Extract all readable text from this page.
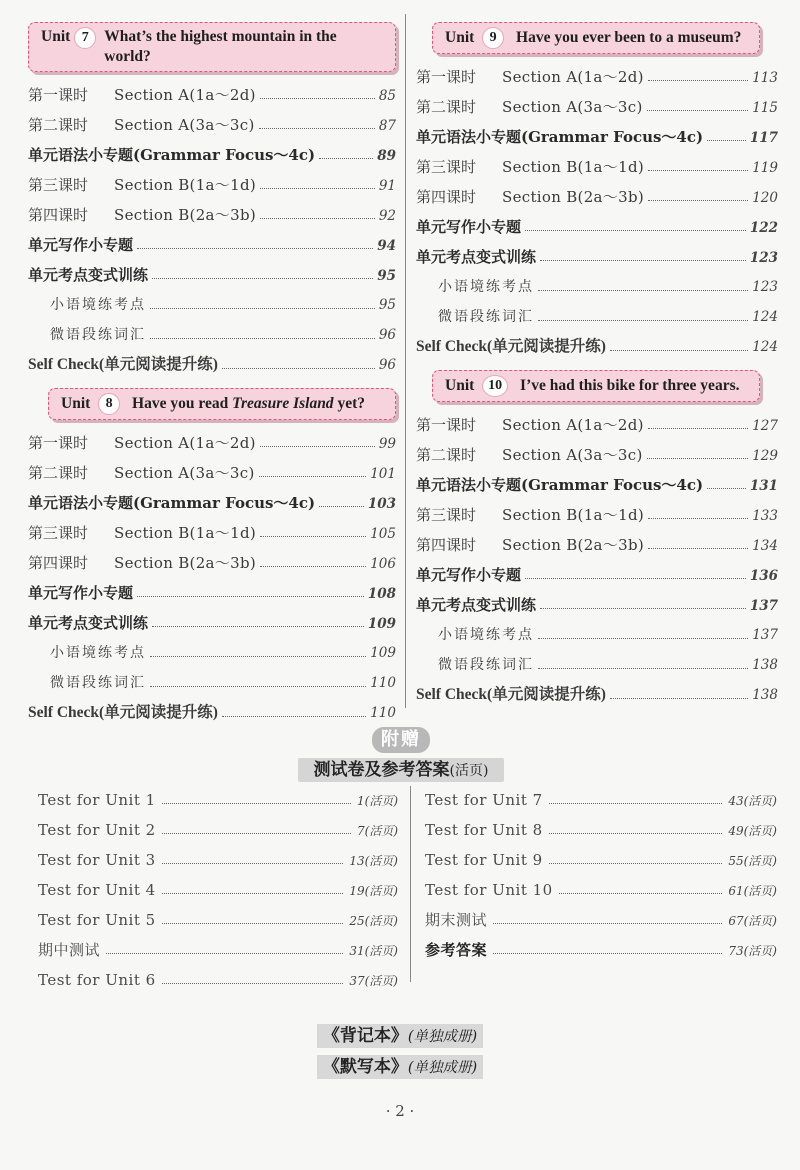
Unit 7	What’s the highest mountain in the
world?
第一课时 Section A(1a～2d)	85
第二课时 Section A(3a～3c)	87
单元语法小专题(Grammar Focus～4c)	89
第三课时 Section B(1a～1d)	91
第四课时 Section B(2a～3b)	92
单元写作小专题	94
单元考点变式训练	95
小语境练考点	95
微语段练词汇	96
Self Check(单元阅读提升练)	96
Unit 8 Have you read Treasure Island yet?
第一课时 Section A(1a～2d)	99
第二课时 Section A(3a～3c)	101
单元语法小专题(Grammar Focus～4c)	103
第三课时 Section B(1a～1d)	105
第四课时 Section B(2a～3b)	106
单元写作小专题	108
单元考点变式训练	109
小语境练考点	109
微语段练词汇	110
Self Check(单元阅读提升练)	110
Unit 9 Have you ever been to a museum?
第一课时 Section A(1a～2d)	113
第二课时 Section A(3a～3c)	115
单元语法小专题(Grammar Focus～4c)	117
第三课时 Section B(1a～1d)	119
第四课时 Section B(2a～3b)	120
单元写作小专题	122
单元考点变式训练	123
小语境练考点	123
微语段练词汇	124
Self Check(单元阅读提升练)	124
Unit 10 I’ve had this bike for three years.
第一课时 Section A(1a～2d)	127
第二课时 Section A(3a～3c)	129
单元语法小专题(Grammar Focus～4c)	131
第三课时 Section B(1a～1d)	133
第四课时 Section B(2a～3b)	134
单元写作小专题	136
单元考点变式训练	137
小语境练考点	137
微语段练词汇	138
Self Check(单元阅读提升练)	138
附赠
测试卷及参考答案(活页)
Test for Unit 1	1(活页)
Test for Unit 2	7(活页)
Test for Unit 3	13(活页)
Test for Unit 4	19(活页)
Test for Unit 5	25(活页)
期中测试	31(活页)
Test for Unit 6	37(活页)
Test for Unit 7	43(活页)
Test for Unit 8	49(活页)
Test for Unit 9	55(活页)
Test for Unit 10	61(活页)
期末测试	67(活页)
参考答案	73(活页)
《背记本》(单独成册)
《默写本》(单独成册)
· 2 ·
